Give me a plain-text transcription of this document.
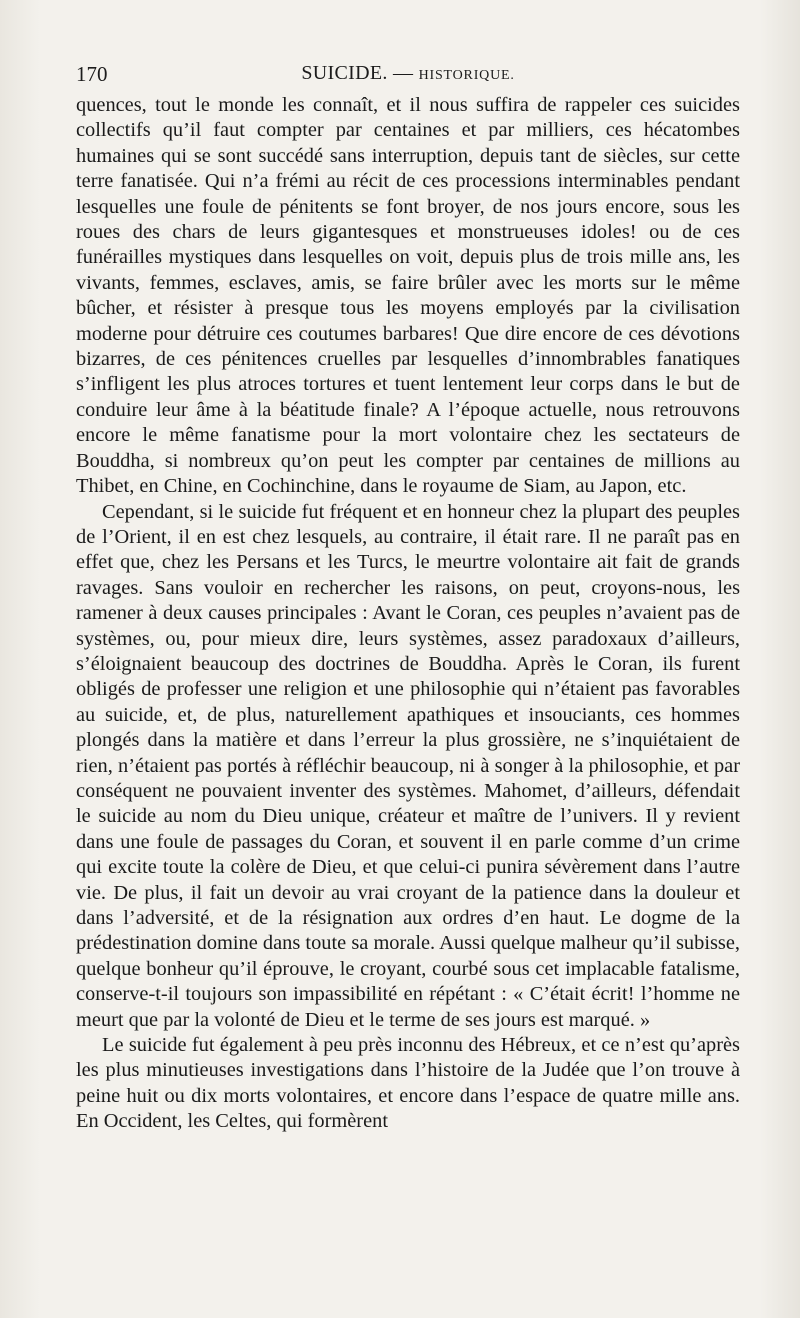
170	SUICIDE. — HISTORIQUE.

quences, tout le monde les connaît, et il nous suffira de rappeler ces suicides collectifs qu’il faut compter par centaines et par milliers, ces hécatombes humaines qui se sont succédé sans interruption, depuis tant de siècles, sur cette terre fanatisée. Qui n’a frémi au récit de ces processions interminables pendant lesquelles une foule de pénitents se font broyer, de nos jours encore, sous les roues des chars de leurs gigantesques et monstrueuses idoles! ou de ces funérailles mystiques dans lesquelles on voit, depuis plus de trois mille ans, les vivants, femmes, esclaves, amis, se faire brûler avec les morts sur le même bûcher, et résister à presque tous les moyens employés par la civilisation moderne pour détruire ces coutumes barbares! Que dire encore de ces dévotions bizarres, de ces pénitences cruelles par lesquelles d’innombrables fanatiques s’infligent les plus atroces tortures et tuent lentement leur corps dans le but de conduire leur âme à la béatitude finale? A l’époque actuelle, nous retrouvons encore le même fanatisme pour la mort volontaire chez les sectateurs de Bouddha, si nombreux qu’on peut les compter par centaines de millions au Thibet, en Chine, en Cochinchine, dans le royaume de Siam, au Japon, etc.

Cependant, si le suicide fut fréquent et en honneur chez la plupart des peuples de l’Orient, il en est chez lesquels, au contraire, il était rare. Il ne paraît pas en effet que, chez les Persans et les Turcs, le meurtre volontaire ait fait de grands ravages. Sans vouloir en rechercher les raisons, on peut, croyons-nous, les ramener à deux causes principales : Avant le Coran, ces peuples n’avaient pas de systèmes, ou, pour mieux dire, leurs systèmes, assez paradoxaux d’ailleurs, s’éloignaient beaucoup des doctrines de Bouddha. Après le Coran, ils furent obligés de professer une religion et une philosophie qui n’étaient pas favorables au suicide, et, de plus, naturellement apathiques et insouciants, ces hommes plongés dans la matière et dans l’erreur la plus grossière, ne s’inquiétaient de rien, n’étaient pas portés à réfléchir beaucoup, ni à songer à la philosophie, et par conséquent ne pouvaient inventer des systèmes. Mahomet, d’ailleurs, défendait le suicide au nom du Dieu unique, créateur et maître de l’univers. Il y revient dans une foule de passages du Coran, et souvent il en parle comme d’un crime qui excite toute la colère de Dieu, et que celui-ci punira sévèrement dans l’autre vie. De plus, il fait un devoir au vrai croyant de la patience dans la douleur et dans l’adversité, et de la résignation aux ordres d’en haut. Le dogme de la prédestination domine dans toute sa morale. Aussi quelque malheur qu’il subisse, quelque bonheur qu’il éprouve, le croyant, courbé sous cet implacable fatalisme, conserve-t-il toujours son impassibilité en répétant : « C’était écrit! l’homme ne meurt que par la volonté de Dieu et le terme de ses jours est marqué. »

Le suicide fut également à peu près inconnu des Hébreux, et ce n’est qu’après les plus minutieuses investigations dans l’histoire de la Judée que l’on trouve à peine huit ou dix morts volontaires, et encore dans l’espace de quatre mille ans. En Occident, les Celtes, qui formèrent
